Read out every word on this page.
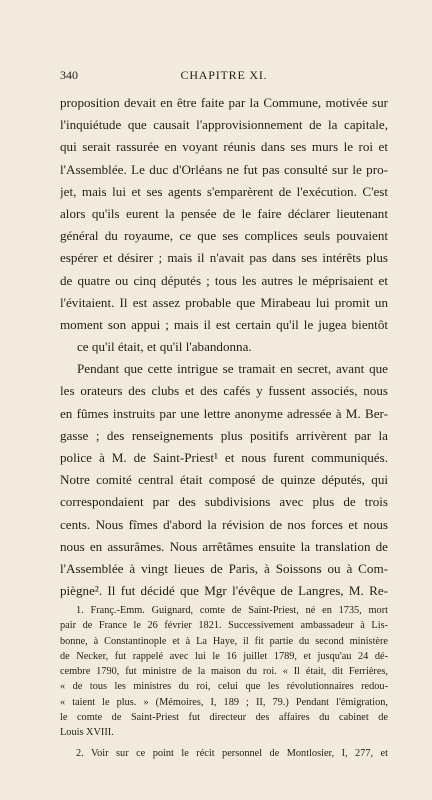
340	CHAPITRE XI.
proposition devait en être faite par la Commune, motivée sur
l'inquiétude que causait l'approvisionnement de la capitale,
qui serait rassurée en voyant réunis dans ses murs le roi et
l'Assemblée. Le duc d'Orléans ne fut pas consulté sur le pro-
jet, mais lui et ses agents s'emparèrent de l'exécution. C'est
alors qu'ils eurent la pensée de le faire déclarer lieutenant
général du royaume, ce que ses complices seuls pouvaient
espérer et désirer ; mais il n'avait pas dans ses intérêts plus
de quatre ou cinq députés ; tous les autres le méprisaient et
l'évitaient. Il est assez probable que Mirabeau lui promit un
moment son appui ; mais il est certain qu'il le jugea bientôt
ce qu'il était, et qu'il l'abandonna.
Pendant que cette intrigue se tramait en secret, avant que
les orateurs des clubs et des cafés y fussent associés, nous
en fûmes instruits par une lettre anonyme adressée à M. Ber-
gasse ; des renseignements plus positifs arrivèrent par la
police à M. de Saint-Priest¹ et nous furent communiqués.
Notre comité central était composé de quinze députés, qui
correspondaient par des subdivisions avec plus de trois
cents. Nous fîmes d'abord la révision de nos forces et nous
nous en assurâmes. Nous arrêtâmes ensuite la translation de
l'Assemblée à vingt lieues de Paris, à Soissons ou à Com-
piègne². Il fut décidé que Mgr l'évêque de Langres, M. Re-
1. Franç.-Emm. Guignard, comte de Saint-Priest, né en 1735, mort
pair de France le 26 février 1821. Successivement ambassadeur à Lis-
bonne, à Constantinople et à La Haye, il fit partie du second ministère
de Necker, fut rappelé avec lui le 16 juillet 1789, et jusqu'au 24 dé-
cembre 1790, fut ministre de la maison du roi. « Il était, dit Ferrières,
« de tous les ministres du roi, celui que les révolutionnaires redou-
« taient le plus. » (Mémoires, I, 189 ; II, 79.) Pendant l'émigration,
le comte de Saint-Priest fut directeur des affaires du cabinet de
Louis XVIII.
2. Voir sur ce point le récit personnel de Montlosier, I, 277, et
